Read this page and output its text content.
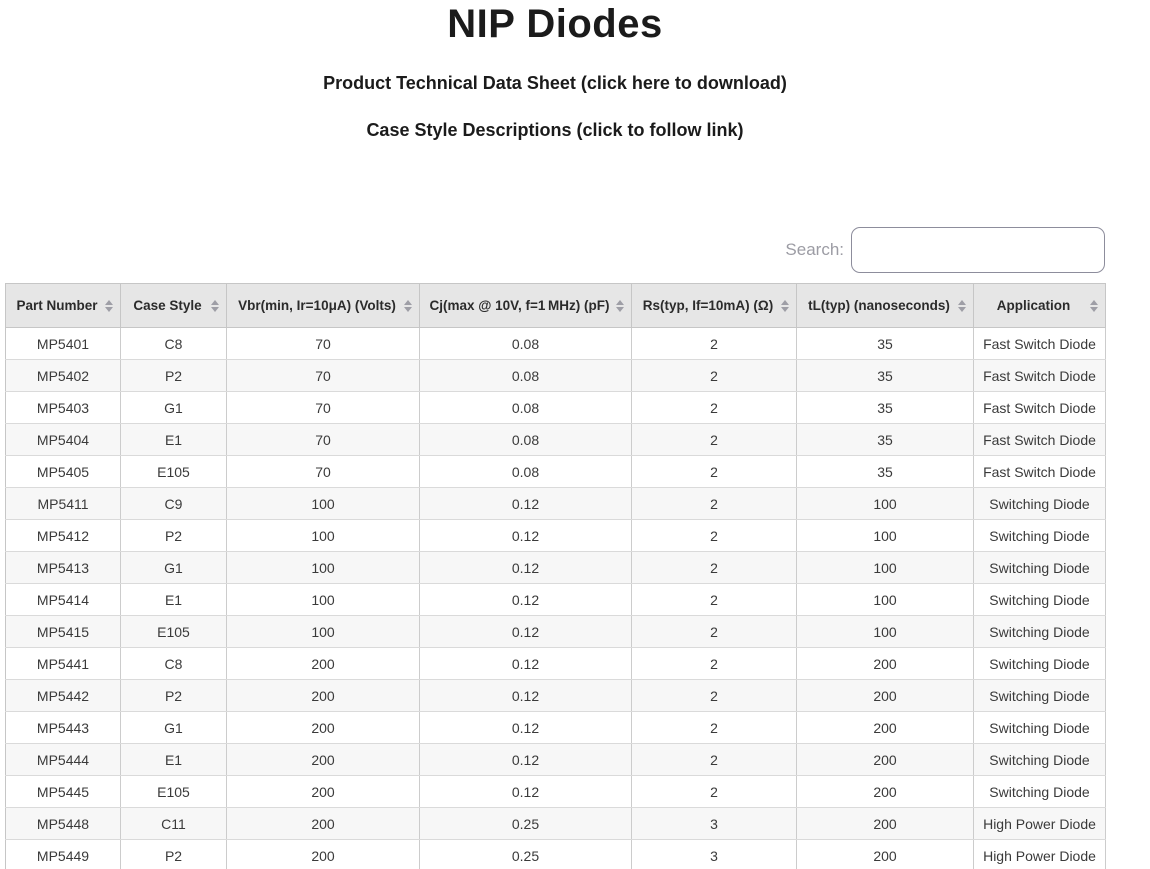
NIP Diodes
Product Technical Data Sheet (click here to download)
Case Style Descriptions (click to follow link)
Search:
Part Number	Case Style	Vbr(min, Ir=10μA) (Volts)	Cj(max @ 10V, f=1 MHz) (pF)	Rs(typ, If=10mA) (Ω)	tL(typ) (nanoseconds)	Application

MP5401	C8	70	0.08	2	35	Fast Switch Diode
MP5402	P2	70	0.08	2	35	Fast Switch Diode
MP5403	G1	70	0.08	2	35	Fast Switch Diode
MP5404	E1	70	0.08	2	35	Fast Switch Diode
MP5405	E105	70	0.08	2	35	Fast Switch Diode
MP5411	C9	100	0.12	2	100	Switching Diode
MP5412	P2	100	0.12	2	100	Switching Diode
MP5413	G1	100	0.12	2	100	Switching Diode
MP5414	E1	100	0.12	2	100	Switching Diode
MP5415	E105	100	0.12	2	100	Switching Diode
MP5441	C8	200	0.12	2	200	Switching Diode
MP5442	P2	200	0.12	2	200	Switching Diode
MP5443	G1	200	0.12	2	200	Switching Diode
MP5444	E1	200	0.12	2	200	Switching Diode
MP5445	E105	200	0.12	2	200	Switching Diode
MP5448	C11	200	0.25	3	200	High Power Diode
MP5449	P2	200	0.25	3	200	High Power Diode
